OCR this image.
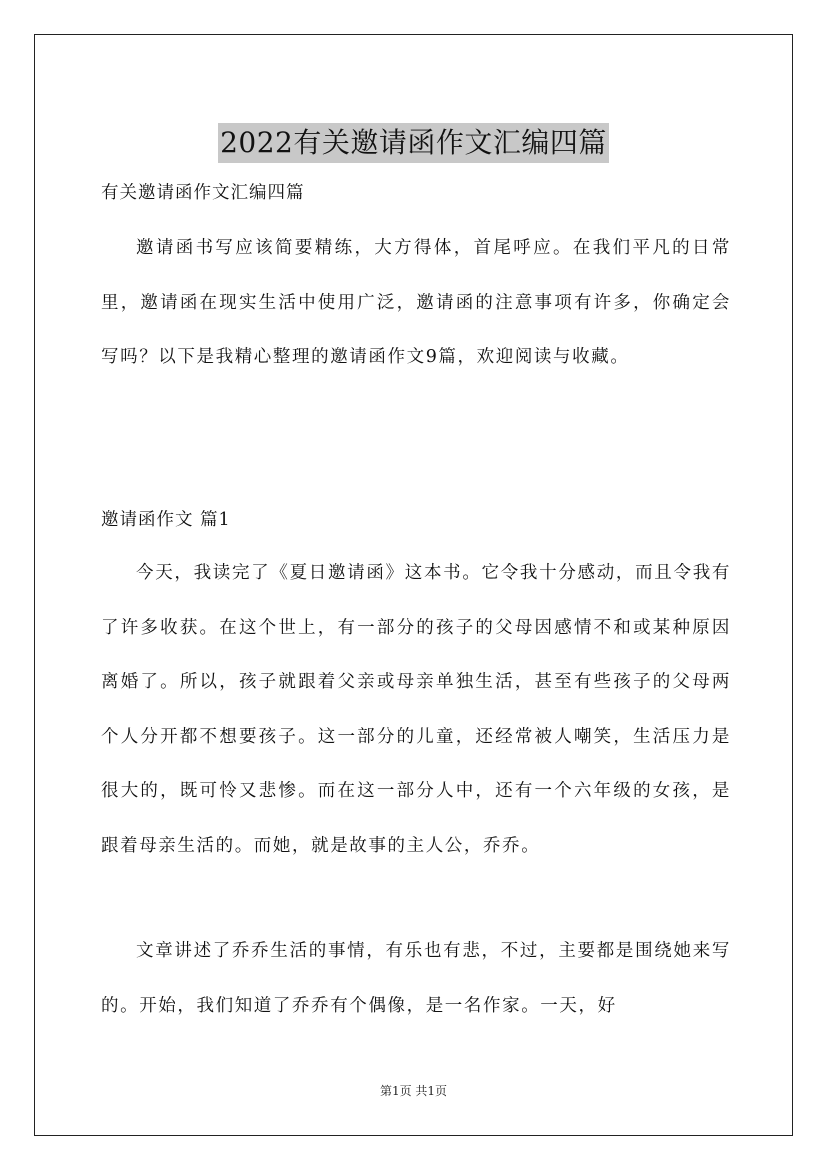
2022有关邀请函作文汇编四篇
有关邀请函作文汇编四篇

邀请函书写应该简要精练，大方得体，首尾呼应。在我们平凡的日常里，邀请函在现实生活中使用广泛，邀请函的注意事项有许多，你确定会写吗？以下是我精心整理的邀请函作文9篇，欢迎阅读与收藏。

邀请函作文 篇1

今天，我读完了《夏日邀请函》这本书。它令我十分感动，而且令我有了许多收获。在这个世上，有一部分的孩子的父母因感情不和或某种原因离婚了。所以，孩子就跟着父亲或母亲单独生活，甚至有些孩子的父母两个人分开都不想要孩子。这一部分的儿童，还经常被人嘲笑，生活压力是很大的，既可怜又悲惨。而在这一部分人中，还有一个六年级的女孩，是跟着母亲生活的。而她，就是故事的主人公，乔乔。

文章讲述了乔乔生活的事情，有乐也有悲，不过，主要都是围绕她来写的。开始，我们知道了乔乔有个偶像，是一名作家。一天，好

第1页 共1页
